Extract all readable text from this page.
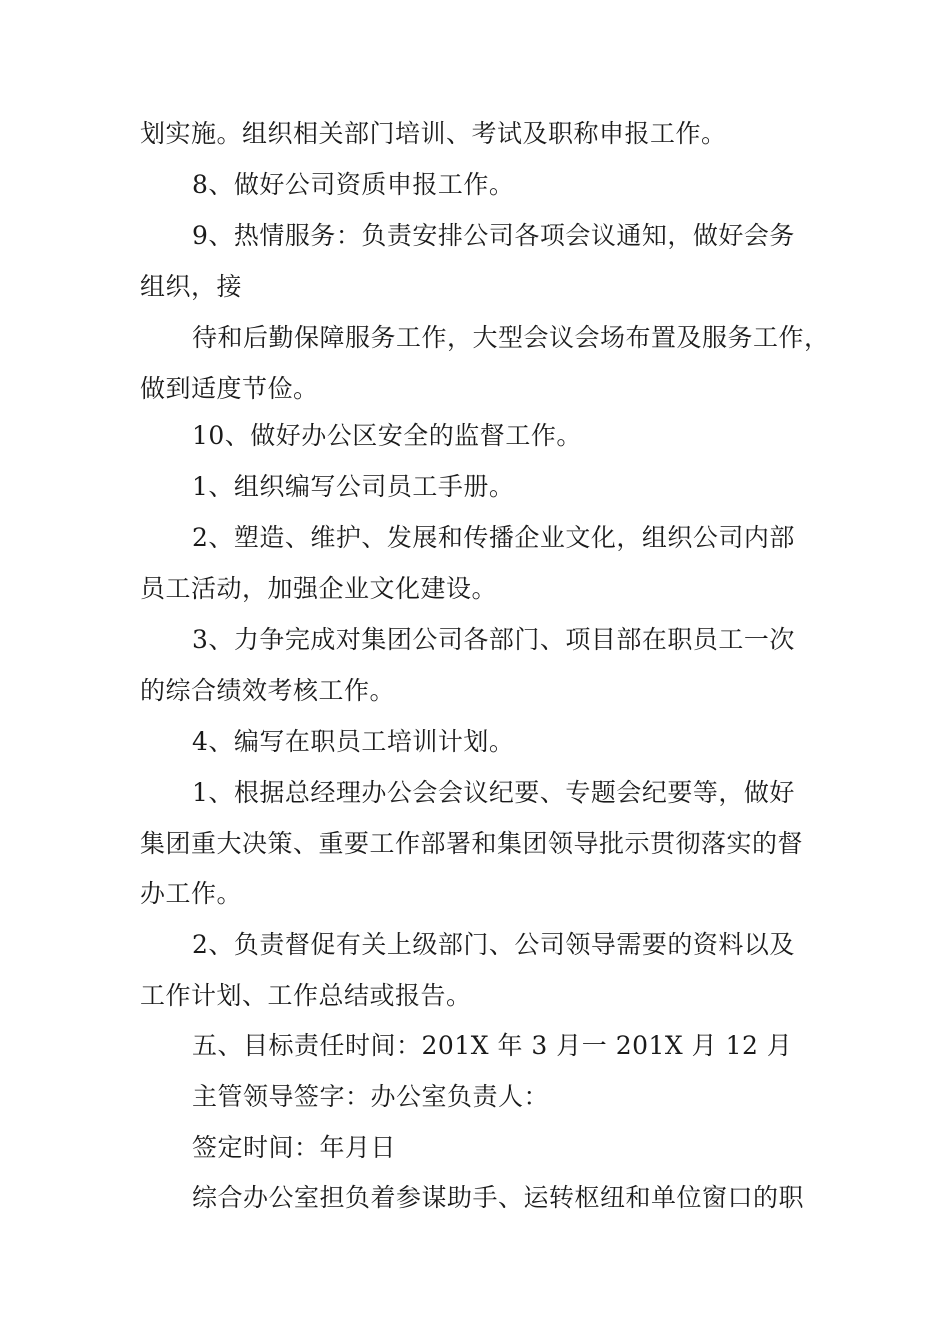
划实施。组织相关部门培训、考试及职称申报工作。
8、做好公司资质申报工作。
9、热情服务：负责安排公司各项会议通知，做好会务
组织，接
待和后勤保障服务工作，大型会议会场布置及服务工作，
做到适度节俭。
10、做好办公区安全的监督工作。
1、组织编写公司员工手册。
2、塑造、维护、发展和传播企业文化，组织公司内部
员工活动，加强企业文化建设。
3、力争完成对集团公司各部门、项目部在职员工一次
的综合绩效考核工作。
4、编写在职员工培训计划。
1、根据总经理办公会会议纪要、专题会纪要等，做好
集团重大决策、重要工作部署和集团领导批示贯彻落实的督
办工作。
2、负责督促有关上级部门、公司领导需要的资料以及
工作计划、工作总结或报告。
五、目标责任时间：201X 年 3 月一 201X 月 12 月
主管领导签字：办公室负责人：
签定时间：年月日
综合办公室担负着参谋助手、运转枢纽和单位窗口的职
